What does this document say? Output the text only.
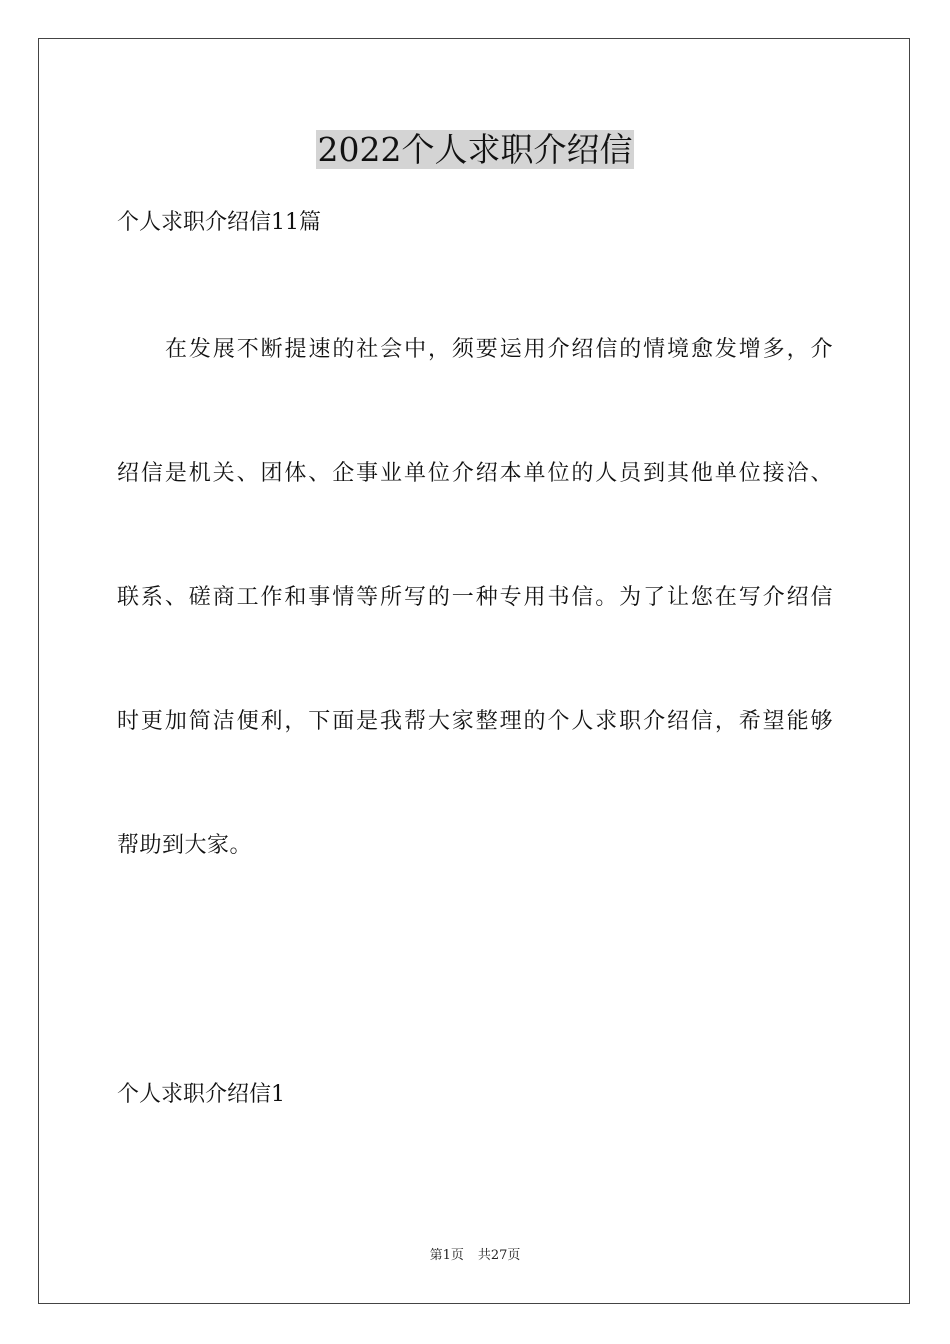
2022个人求职介绍信

个人求职介绍信11篇

在发展不断提速的社会中，须要运用介绍信的情境愈发增多，介

绍信是机关、团体、企事业单位介绍本单位的人员到其他单位接洽、

联系、磋商工作和事情等所写的一种专用书信。为了让您在写介绍信

时更加简洁便利，下面是我帮大家整理的个人求职介绍信，希望能够

帮助到大家。

个人求职介绍信1

第1页 共27页
